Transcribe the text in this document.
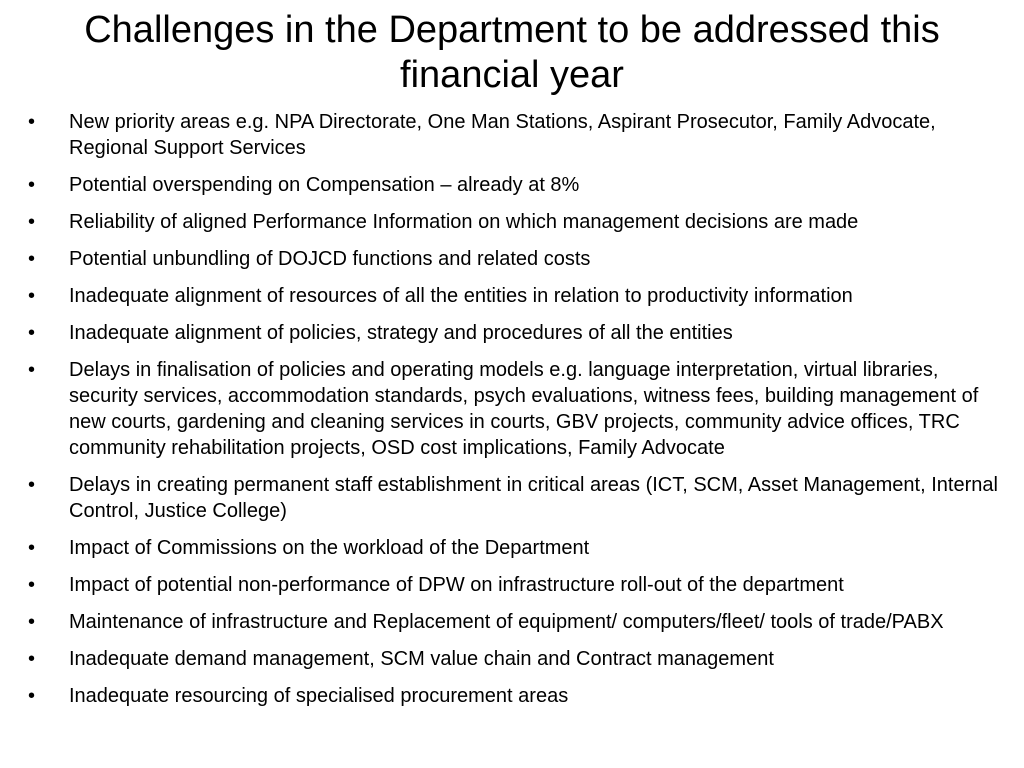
Challenges in the Department to be addressed this financial year
•	New priority areas e.g. NPA Directorate, One Man Stations, Aspirant Prosecutor, Family Advocate, Regional Support Services
•	Potential overspending on Compensation – already at 8%
•	Reliability of aligned Performance Information on which management decisions are made
•	Potential unbundling of DOJCD functions and related costs
•	Inadequate alignment of resources of all the entities in relation to productivity information
•	Inadequate alignment of policies, strategy and procedures of all the entities
•	Delays in finalisation of policies and operating models e.g. language interpretation, virtual libraries, security services, accommodation standards, psych evaluations, witness fees, building management of new courts, gardening and cleaning services in courts, GBV projects, community advice offices, TRC community rehabilitation projects, OSD cost implications, Family Advocate
•	Delays in creating permanent staff establishment in critical areas (ICT, SCM, Asset Management, Internal Control, Justice College)
•	Impact of Commissions on the workload of the Department
•	Impact of potential non-performance of DPW on infrastructure roll-out of the department
•	Maintenance of infrastructure and Replacement of equipment/ computers/fleet/ tools of trade/PABX
•	Inadequate demand management, SCM value chain and Contract management
•	Inadequate resourcing of specialised procurement areas
